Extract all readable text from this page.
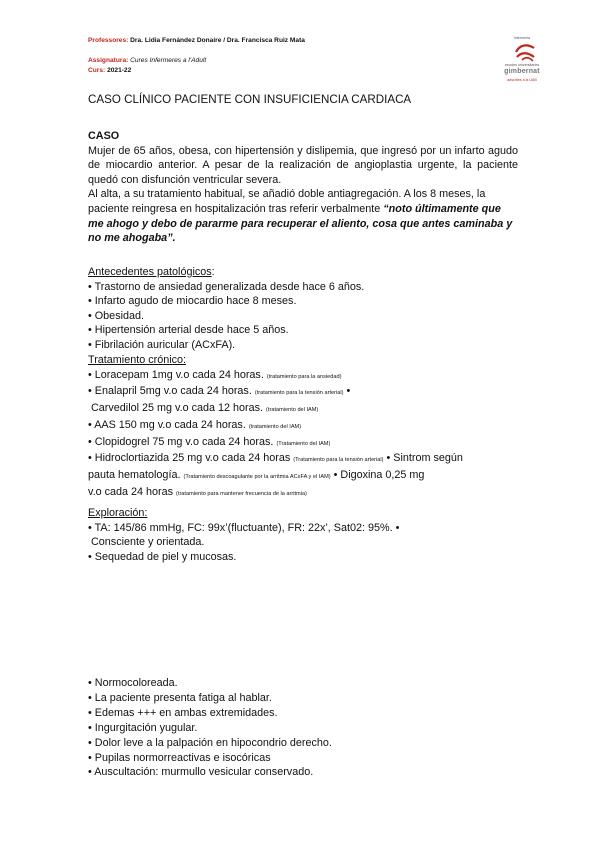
Professores: Dra. Lidia Fernández Donaire / Dra. Francisca Ruiz Mata
Assignatura: Cures Infermeres a l'Adult
Curs: 2021-22
infermeria
escoles universitàries
gimbernat
adscrites a la UAB
CASO CLÍNICO PACIENTE CON INSUFICIENCIA CARDIACA

CASO

Mujer de 65 años, obesa, con hipertensión y dislipemia, que ingresó por un infarto agudo de miocardio anterior. A pesar de la realización de angioplastia urgente, la paciente quedó con disfunción ventricular severa.

Al alta, a su tratamiento habitual, se añadió doble antiagregación. A los 8 meses, la paciente reingresa en hospitalización tras referir verbalmente “noto últimamente que me ahogo y debo de pararme para recuperar el aliento, cosa que antes caminaba y no me ahogaba”.

Antecedentes patológicos:

• Trastorno de ansiedad generalizada desde hace 6 años.

• Infarto agudo de miocardio hace 8 meses.

• Obesidad.

• Hipertensión arterial desde hace 5 años.

• Fibrilación auricular (ACxFA).

Tratamiento crónico:

• Loracepam 1mg v.o cada 24 horas. (tratamiento para la ansiedad)

• Enalapril 5mg v.o cada 24 horas. (tratamiento para la tensión arterial) •

Carvedilol 25 mg v.o cada 12 horas. (tratamiento del IAM)

• AAS 150 mg v.o cada 24 horas. (tratamiento del IAM)

• Clopidogrel 75 mg v.o cada 24 horas. (Tratamiento del IAM)

• Hidroclortiazida 25 mg v.o cada 24 horas (Tratamiento para la tensión arterial) • Sintrom según

pauta hematología. (Tratamiento descoagulante por la arritmia ACxFA y el IAM) • Digoxina 0,25 mg

v.o cada 24 horas (tratamiento para mantener frecuencia de la arritmia)

Exploración:

• TA: 145/86 mmHg, FC: 99x’(fluctuante), FR: 22x’, Sat02: 95%. •

Consciente y orientada.

• Sequedad de piel y mucosas.

• Normocoloreada.

• La paciente presenta fatiga al hablar.

• Edemas +++ en ambas extremidades.

• Ingurgitación yugular.

• Dolor leve a la palpación en hipocondrio derecho.

• Pupilas normorreactivas e isocóricas

• Auscultación: murmullo vesicular conservado.
